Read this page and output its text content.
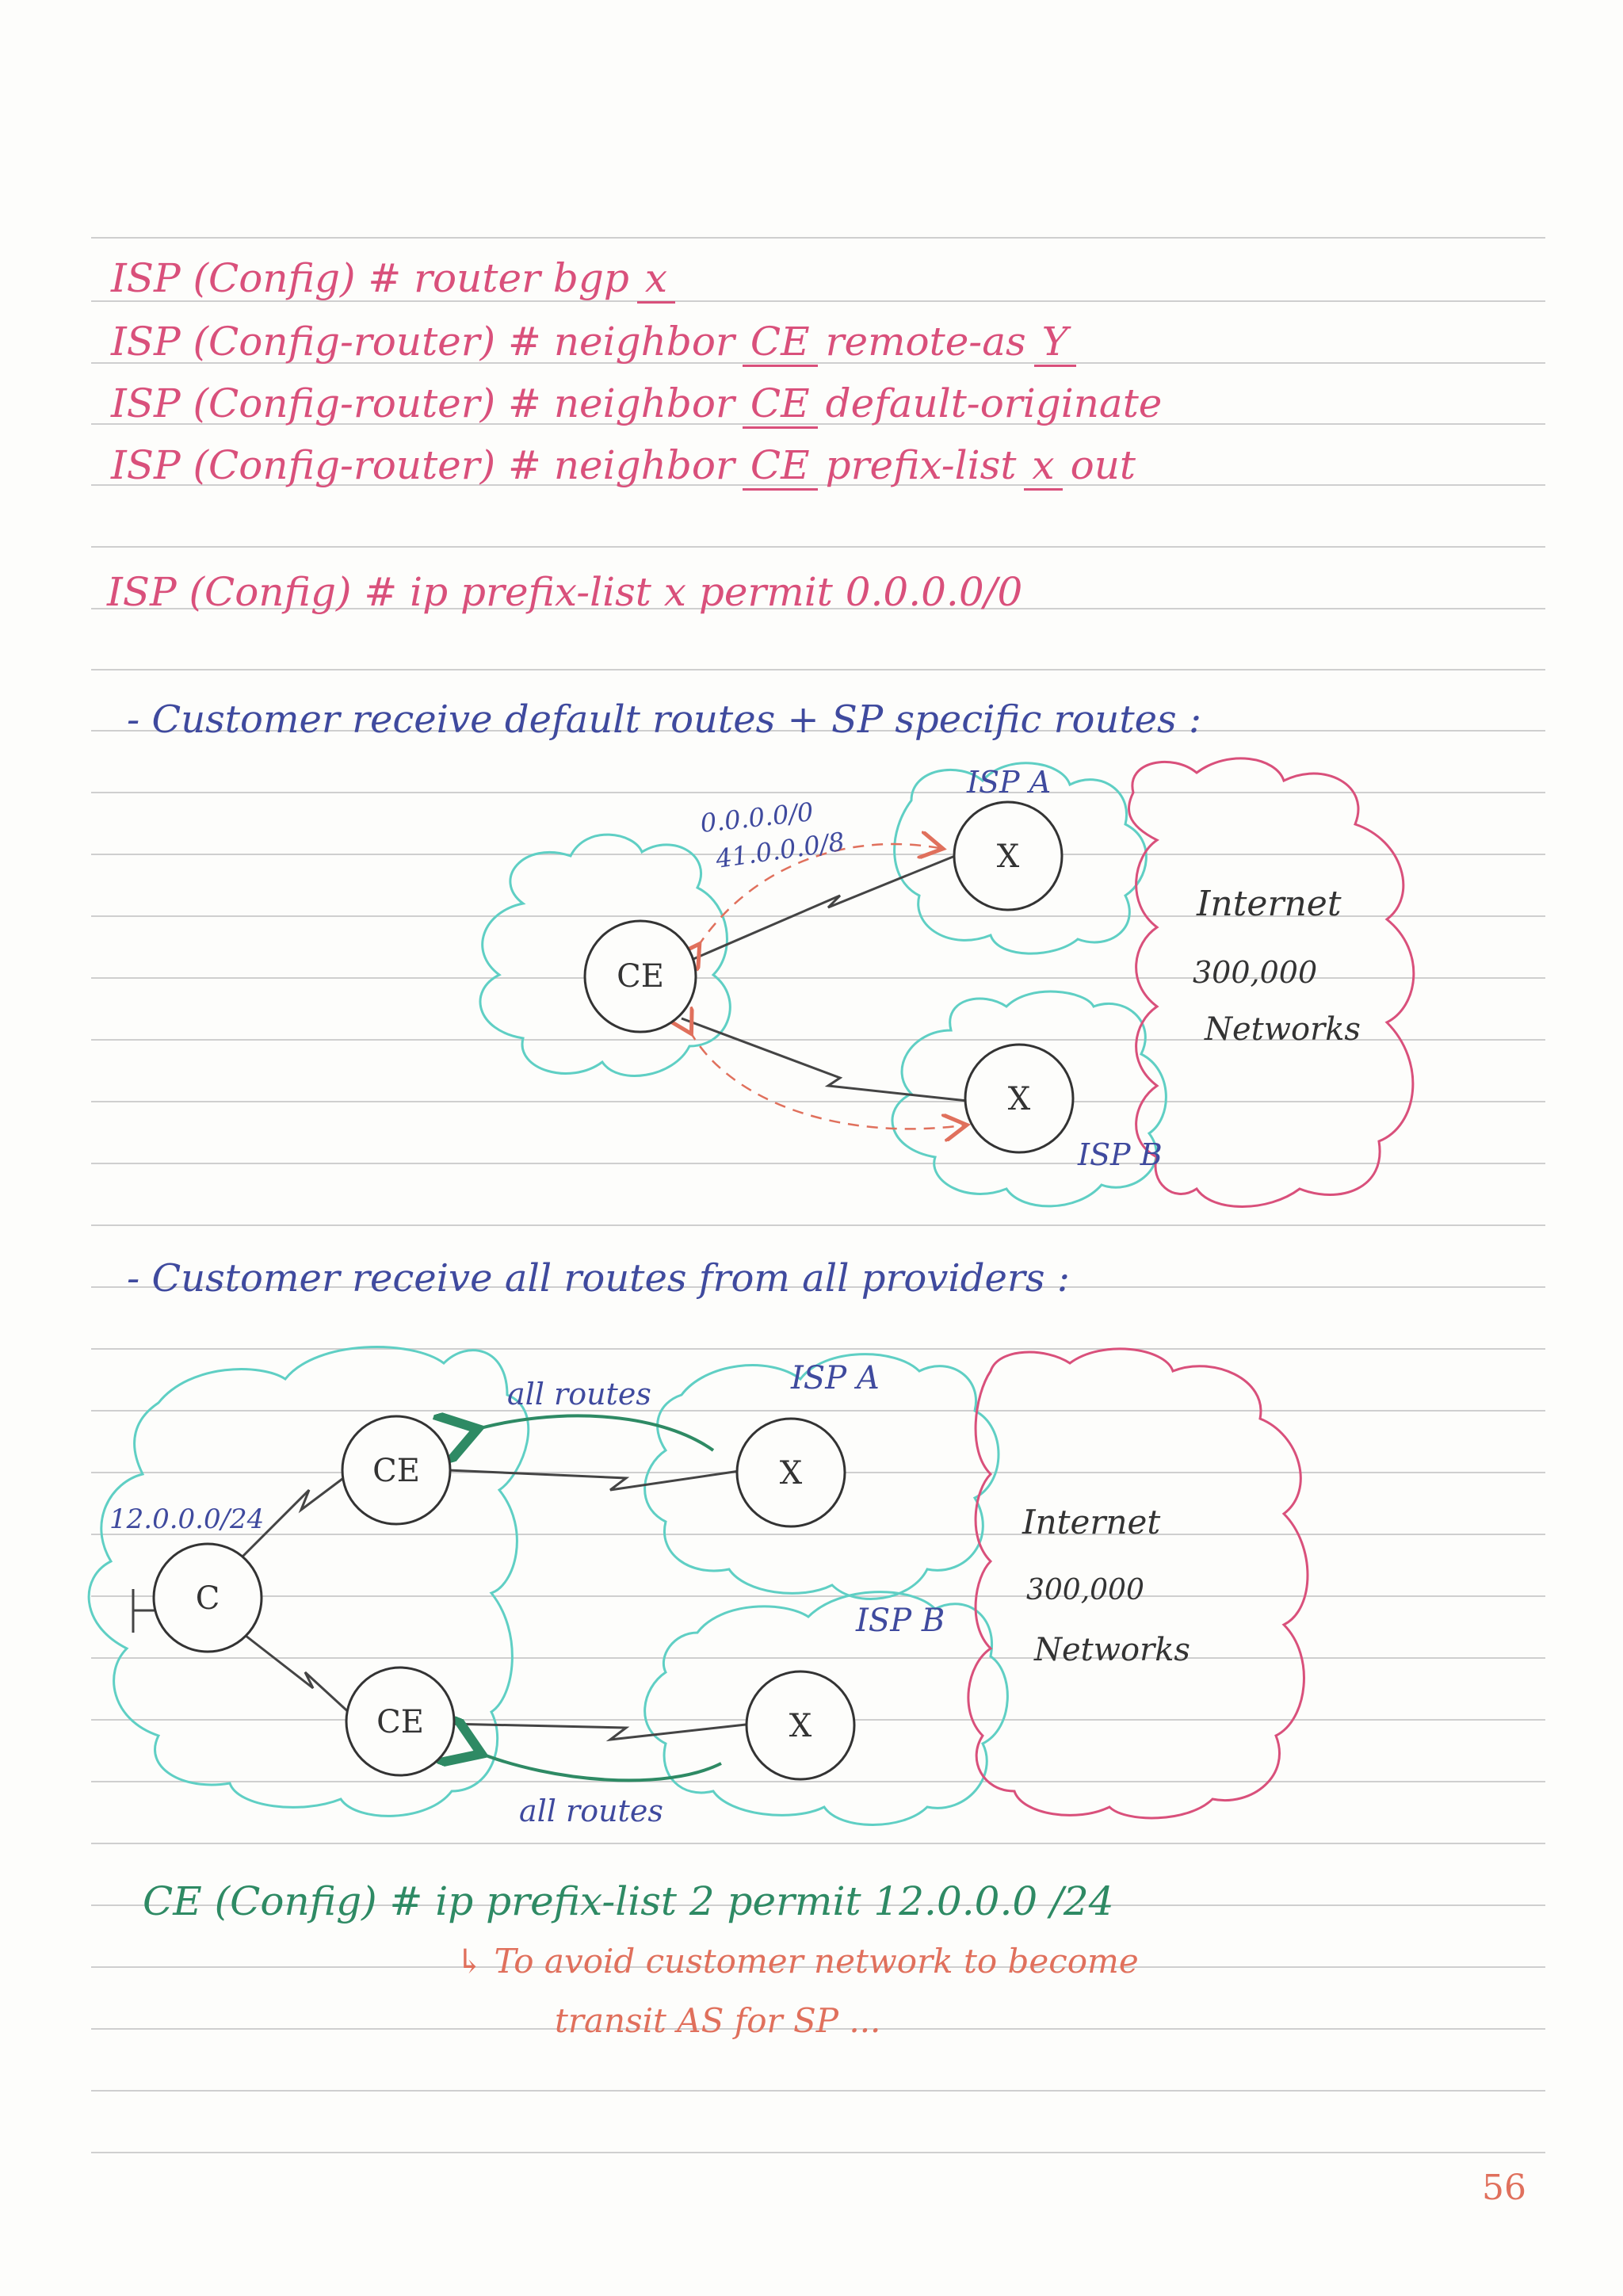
ISP (Config) # router bgp x
ISP (Config-router) # neighbor CE remote-as Y
ISP (Config-router) # neighbor CE default-originate
ISP (Config-router) # neighbor CE prefix-list x out
ISP (Config) # ip prefix-list x permit 0.0.0.0/0
- Customer receive default routes + SP specific routes :
CE
X
X
0.0.0.0/0
41.0.0.0/8
ISP A
ISP B
Internet
300,000
Networks
- Customer receive all routes from all providers :
C
CE
CE
X
X
all routes
all routes
ISP A
ISP B
12.0.0.0/24	Internet
300,000
Networks
CE (Config) # ip prefix-list 2 permit 12.0.0.0 /24
↳ To avoid customer network to become
transit AS for SP ...
56
